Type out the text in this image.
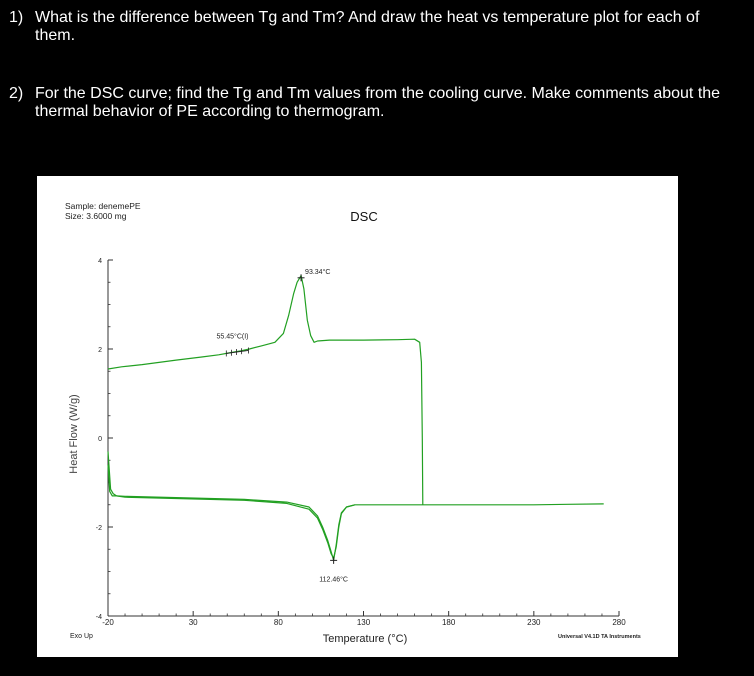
1) What is the difference between Tg and Tm? And draw the heat vs temperature plot for each of them.
2) For the DSC curve; find the Tg and Tm values from the cooling curve. Make comments about the thermal behavior of PE according to thermogram.
Sample: denemePE
Size: 3.6000 mg	DSC
Heat Flow (W/g)
Temperature (°C)
Exo Up	Universal V4.1D TA Instruments
-20	30	80	130	180	230	280
4
2
0
-2
-4
93.34°C
55.45°C(I)
112.46°C
